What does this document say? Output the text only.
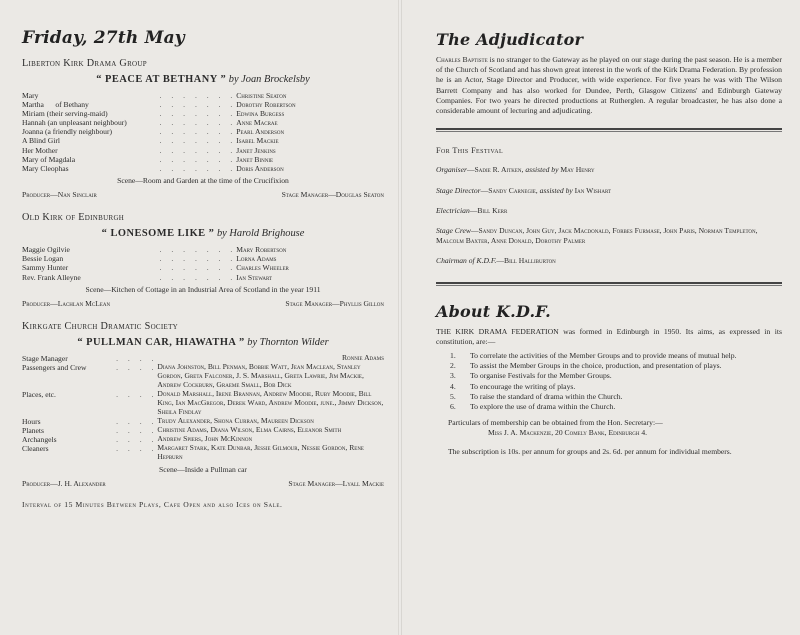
Friday, 27th May
Liberton Kirk Drama Group
“ PEACE AT BETHANY ” by Joan Brockelsby
Mary	. . . . . . .	Christine Seaton
Martha      of Bethany	. . . . . . .	Dorothy Robertson
Miriam (their serving-maid)	. . . . . . .	Edwina Burgess
Hannah (an unpleasant neighbour)	. . . . . . .	Anne Macrae
Joanna (a friendly neighbour)	. . . . . . .	Pearl Anderson
A Blind Girl	. . . . . . .	Isabel Mackie
Her Mother	. . . . . . .	Janet Jenkins
Mary of Magdala	. . . . . . .	Janet Binnie
Mary Cleophas	. . . . . . .	Doris Anderson
Scene—Room and Garden at the time of the Crucifixion
Producer—Nan Sinclair	Stage Manager—Douglas Seaton
Old Kirk of Edinburgh
“ LONESOME LIKE ” by Harold Brighouse
Maggie Ogilvie	. . . . . . .	Mary Robertson
Bessie Logan	. . . . . . .	Lorna Adams
Sammy Hunter	. . . . . . .	Charles Wheeler
Rev. Frank Alleyne	. . . . . . .	Ian Stewart
Scene—Kitchen of Cottage in an Industrial Area of Scotland in the year 1911
Producer—Lachlan McLean	Stage Manager—Phyllis Gillon
Kirkgate Church Dramatic Society
“ PULLMAN CAR, HIAWATHA ” by Thornton Wilder
Stage Manager	. . . .	Ronnie Adams
Passengers and Crew	. . . .	Diana Johnston, Bill Penman, Bobbie Watt, Jean Maclean, Stanley Gordon, Greta Falconer, J. S. Marshall, Greta Lawrie, Jim Mackie, Andrew Cockburn, Graeme Small, Bob Dick
Places, etc.	. . . .	Donald Marshall, Irene Brannan, Andrew Moodie, Ruby Moodie, Bill King, Ian MacGregor, Derek Ward, Andrew Moodie, june., Jimmy Dickson, Sheila Findlay
Hours	. . . .	Trudy Alexander, Shona Curran, Maureen Dickson
Planets	. . . .	Christine Adams, Diana Wilson, Elma Cairns, Eleanor Smith
Archangels	. . . .	Andrew Spiers, John McKinnon
Cleaners	. . . .	Margaret Stark, Kate Dunbar, Jessie Gilmour, Nessie Gordon, Rene Hepburn
Scene—Inside a Pullman car
Producer—J. H. Alexander	Stage Manager—Lyall Mackie
Interval of 15 Minutes Between Plays, Cafe Open and also Ices on Sale.
The Adjudicator

Charles Baptiste is no stranger to the Gateway as he played on our stage during the past season. He is a member of the Church of Scotland and has shown great interest in the work of the Kirk Drama Federation. By profession he is an Actor, Stage Director and Producer, with wide experience. For five years he was with The Wilson Barrett Company and has also worked for Dundee, Perth, Glasgow Citizens' and Edinburgh Gateway Companies. For two years he directed productions at Rutherglen. A regular broadcaster, he has also done a considerable amount of lecturing and adjudicating.

For This Festival
Organiser—Sadie R. Aitken, assisted by May Henry
Stage Director—Sandy Carnegie, assisted by Ian Wishart
Electrician—Bill Kerr
Stage Crew—Sandy Duncan, John Guy, Jack Macdonald, Forbes Furmase, John Paris, Norman Templeton, Malcolm Baxter, Anne Donald, Dorothy Palmer
Chairman of K.D.F.—Bill Halliburton
About K.D.F.

THE KIRK DRAMA FEDERATION was formed in Edinburgh in 1950. Its aims, as expressed in its constitution, are:—

1.	To correlate the activities of the Member Groups and to provide means of mutual help.
2.	To assist the Member Groups in the choice, production, and presentation of plays.
3.	To organise Festivals for the Member Groups.
4.	To encourage the writing of plays.
5.	To raise the standard of drama within the Church.
6.	To explore the use of drama within the Church.
Particulars of membership can be obtained from the Hon. Secretary:—
Miss J. A. Mackenzie, 20 Comely Bank, Edinburgh 4.
The subscription is 10s. per annum for groups and 2s. 6d. per annum for individual members.
